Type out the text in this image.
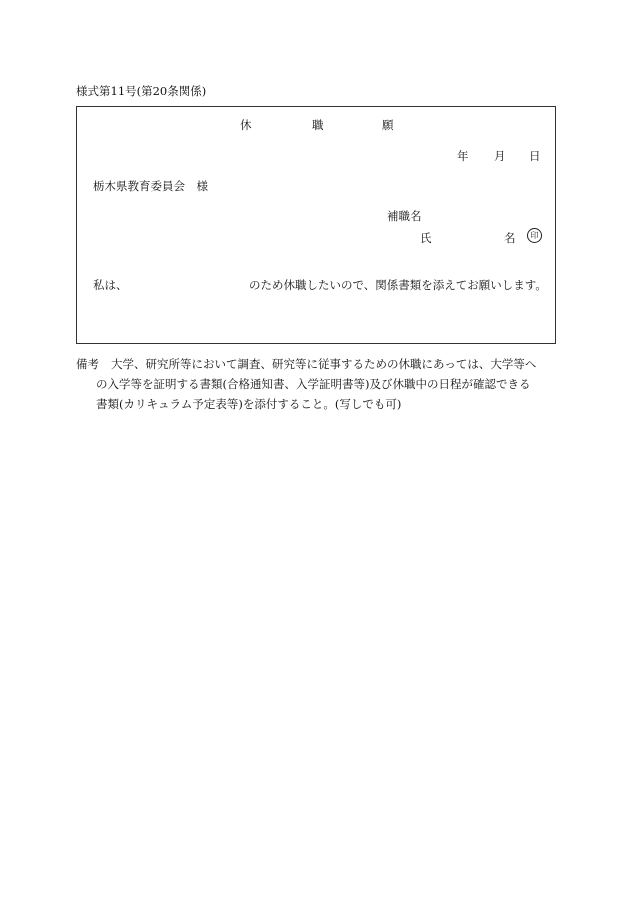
様式第11号(第20条関係)
休	職	願
年 月 日
栃木県教育委員会　様
補職名
氏	名	印
私は、	のため休職したいので、関係書類を添えてお願いします。
備考 大学、研究所等において調査、研究等に従事するための休職にあっては、大学等へ
の入学等を証明する書類(合格通知書、入学証明書等)及び休職中の日程が確認できる
書類(カリキュラム予定表等)を添付すること。(写しでも可)
